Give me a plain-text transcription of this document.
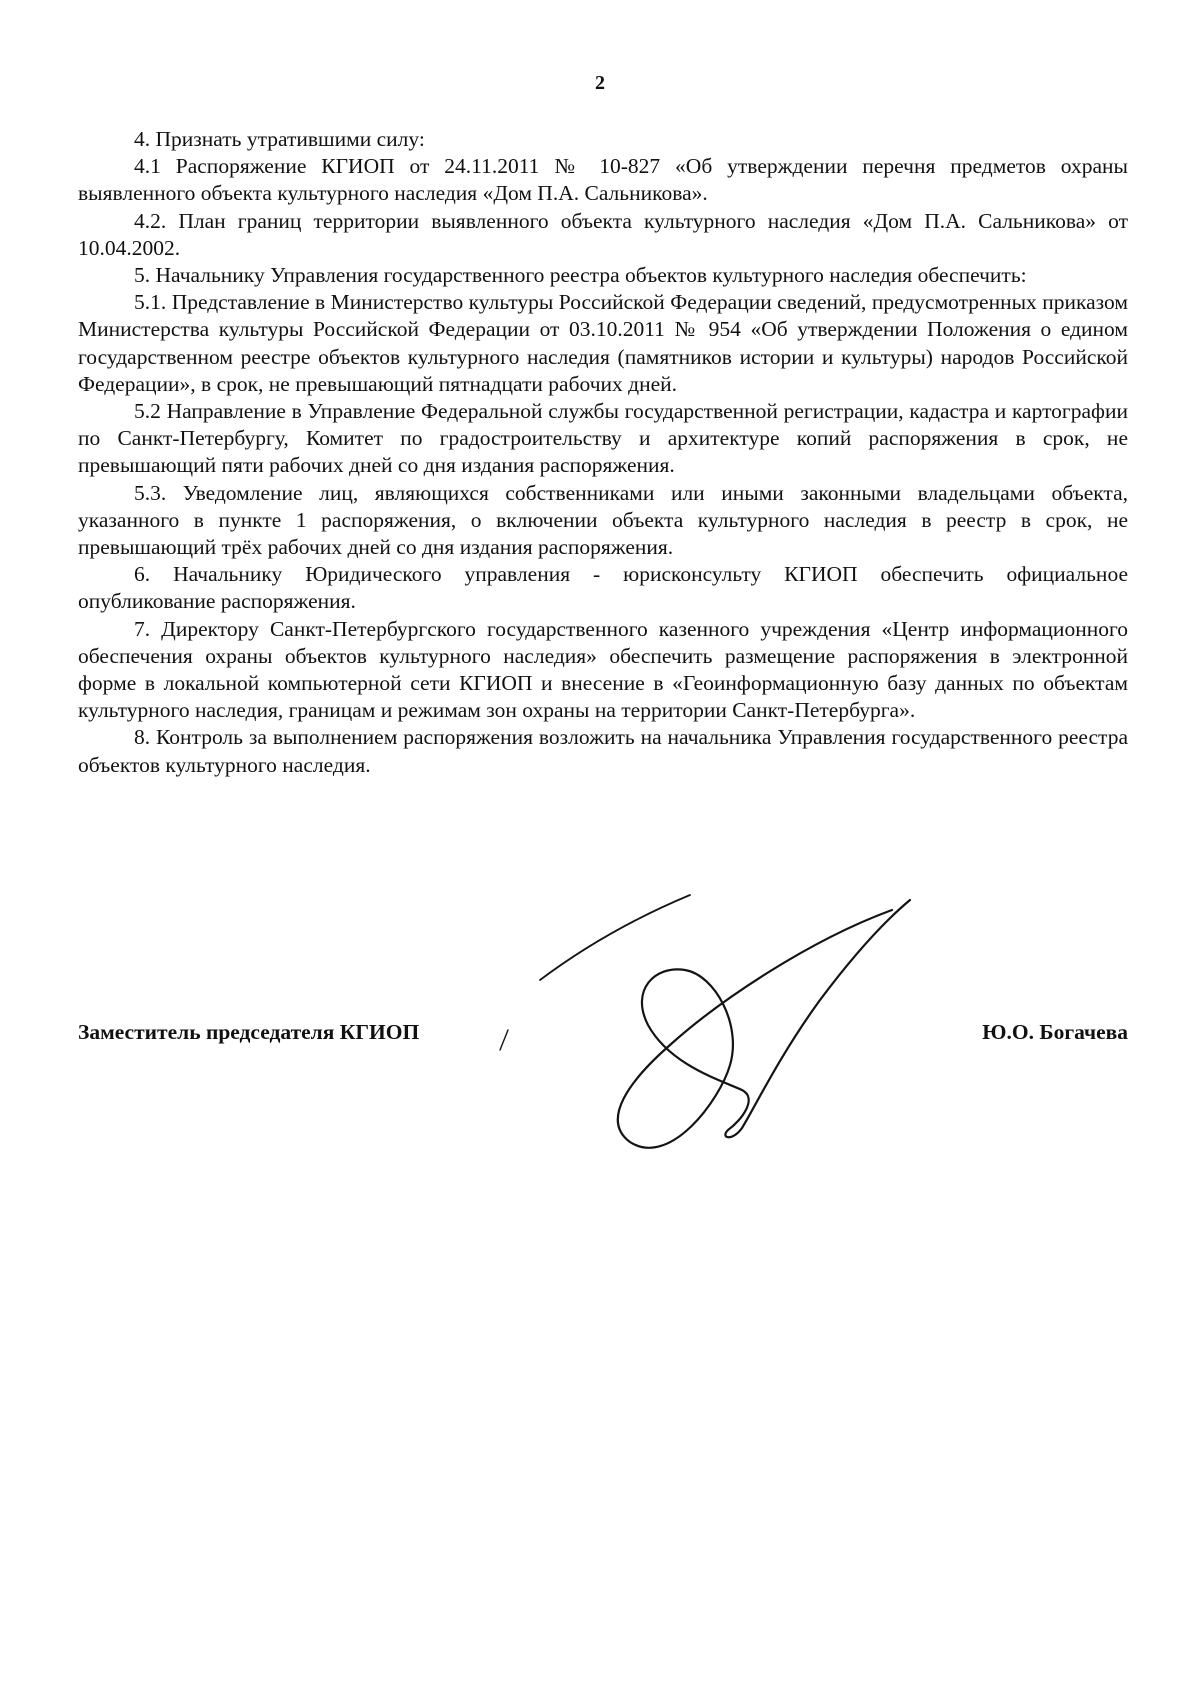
2

4. Признать утратившими силу:

4.1 Распоряжение КГИОП от 24.11.2011 № 10-827 «Об утверждении перечня предметов охраны выявленного объекта культурного наследия «Дом П.А. Сальникова».

4.2. План границ территории выявленного объекта культурного наследия «Дом П.А. Сальникова» от 10.04.2002.

5. Начальнику Управления государственного реестра объектов культурного наследия обеспечить:

5.1. Представление в Министерство культуры Российской Федерации сведений, предусмотренных приказом Министерства культуры Российской Федерации от 03.10.2011 № 954 «Об утверждении Положения о едином государственном реестре объектов культурного наследия (памятников истории и культуры) народов Российской Федерации», в срок, не превышающий пятнадцати рабочих дней.

5.2 Направление в Управление Федеральной службы государственной регистрации, кадастра и картографии по Санкт-Петербургу, Комитет по градостроительству и архитектуре копий распоряжения в срок, не превышающий пяти рабочих дней со дня издания распоряжения.

5.3. Уведомление лиц, являющихся собственниками или иными законными владельцами объекта, указанного в пункте 1 распоряжения, о включении объекта культурного наследия в реестр в срок, не превышающий трёх рабочих дней со дня издания распоряжения.

6. Начальнику Юридического управления - юрисконсульту КГИОП обеспечить официальное опубликование распоряжения.

7. Директору Санкт-Петербургского государственного казенного учреждения «Центр информационного обеспечения охраны объектов культурного наследия» обеспечить размещение распоряжения в электронной форме в локальной компьютерной сети КГИОП и внесение в «Геоинформационную базу данных по объектам культурного наследия, границам и режимам зон охраны на территории Санкт-Петербурга».

8. Контроль за выполнением распоряжения возложить на начальника Управления государственного реестра объектов культурного наследия.

Заместитель председателя КГИОП	Ю.О. Богачева
